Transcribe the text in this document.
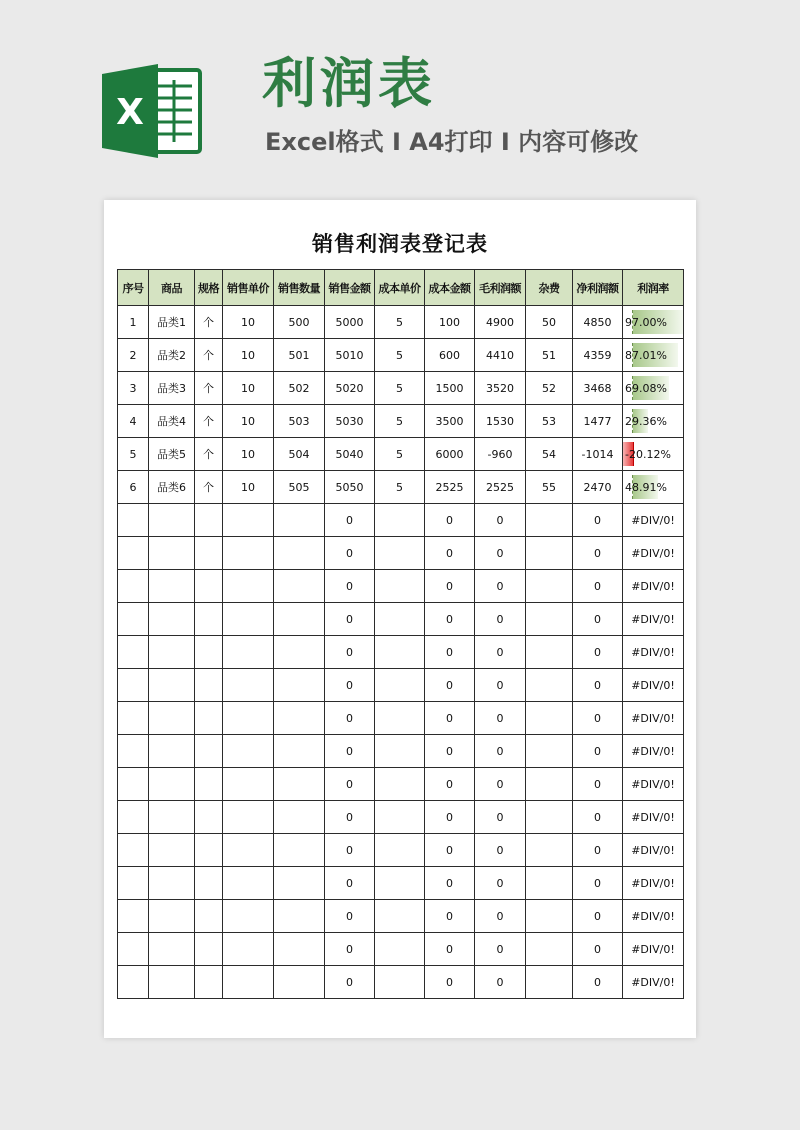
X 利润表
Excel格式 I A4打印 I 内容可修改
销售利润表登记表
序号	商品	规格	销售单价	销售数量	销售金额	成本单价	成本金额	毛利润额	杂费	净利润额	利润率
1	品类1	个	10	500	5000	5	100	4900	50	4850	97.00%

2	品类2	个	10	501	5010	5	600	4410	51	4359	87.01%

3	品类3	个	10	502	5020	5	1500	3520	52	3468	69.08%

4	品类4	个	10	503	5030	5	3500	1530	53	1477	29.36%

5	品类5	个	10	504	5040	5	6000	-960	54	-1014	-20.12%

6	品类6	个	10	505	5050	5	2525	2525	55	2470	48.91%

					0		0	0		0	#DIV/0!
					0		0	0		0	#DIV/0!
					0		0	0		0	#DIV/0!
					0		0	0		0	#DIV/0!
					0		0	0		0	#DIV/0!
					0		0	0		0	#DIV/0!
					0		0	0		0	#DIV/0!
					0		0	0		0	#DIV/0!
					0		0	0		0	#DIV/0!
					0		0	0		0	#DIV/0!
					0		0	0		0	#DIV/0!
					0		0	0		0	#DIV/0!
					0		0	0		0	#DIV/0!
					0		0	0		0	#DIV/0!
					0		0	0		0	#DIV/0!
